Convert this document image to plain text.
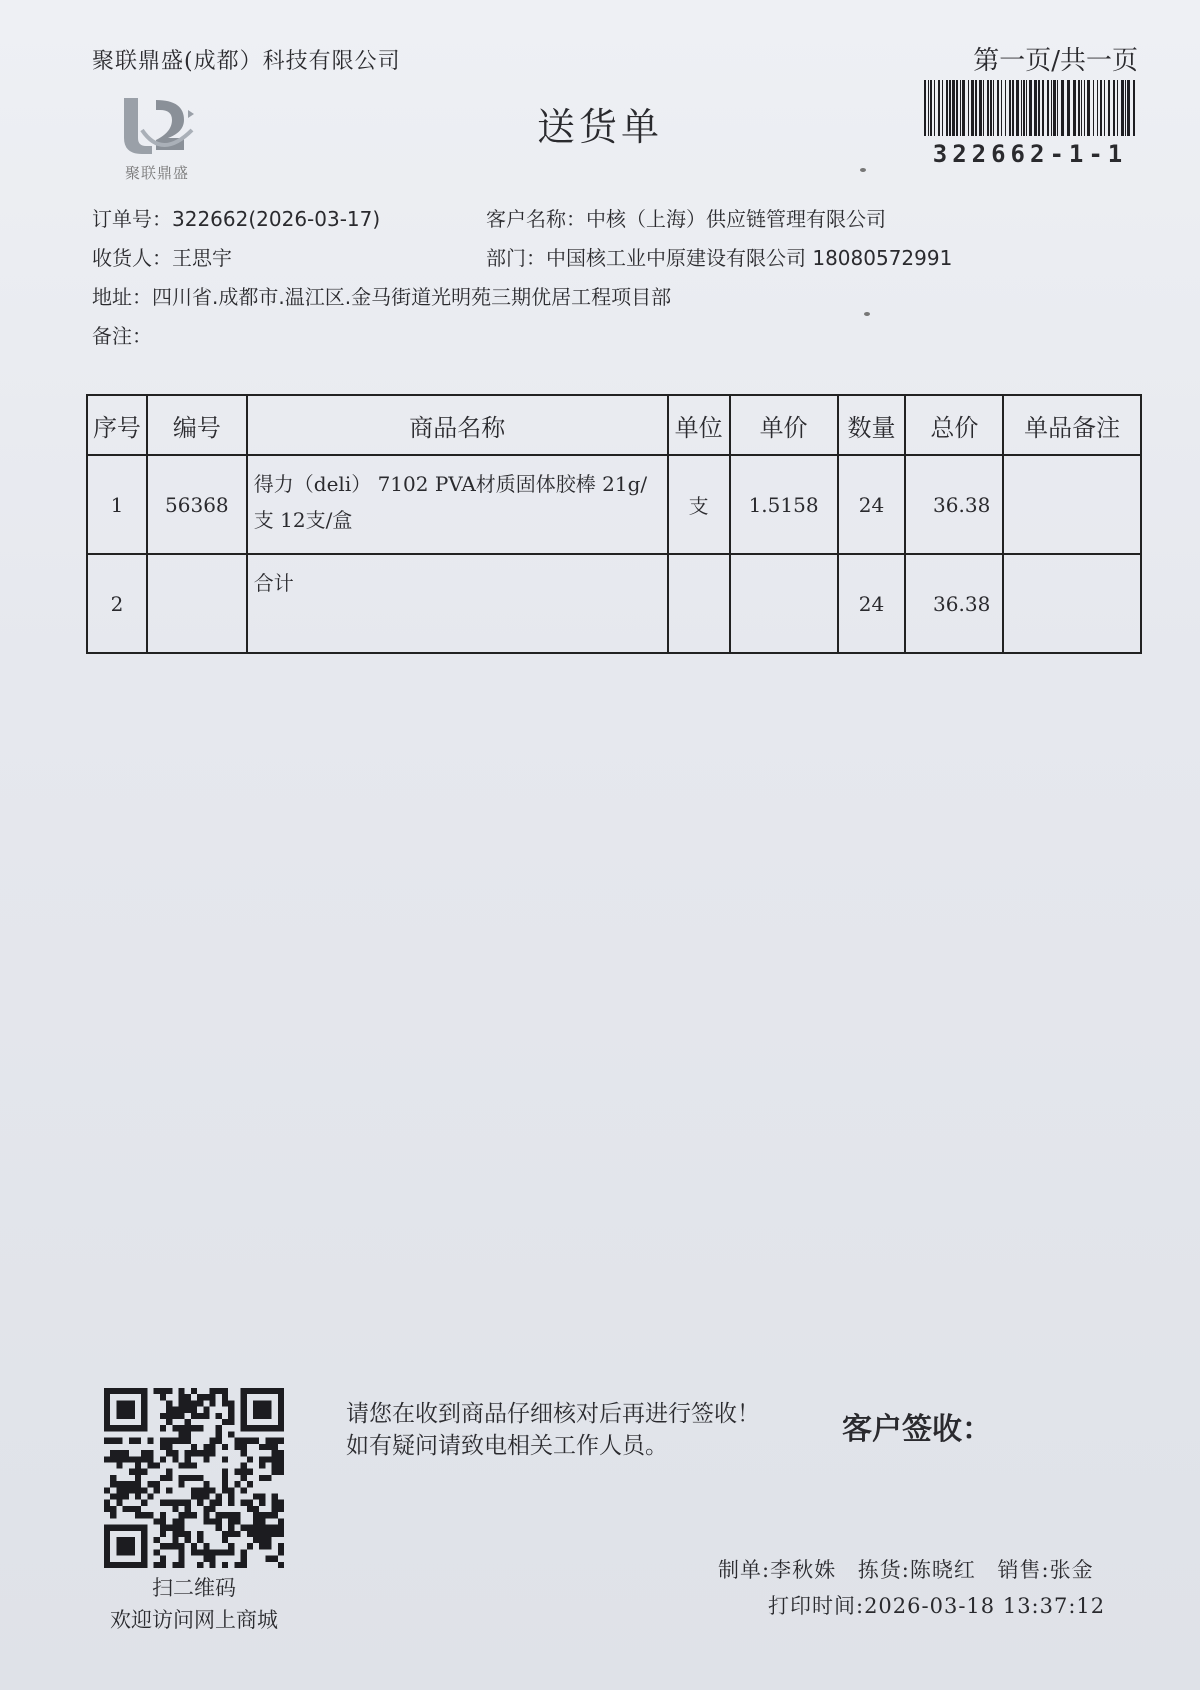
聚联鼎盛(成都）科技有限公司	第一页/共一页
聚联鼎盛
送货单
322662-1-1
订单号：322662(2026-03-17)
收货人：王思宇
地址：四川省.成都市.温江区.金马街道光明苑三期优居工程项目部
备注：
客户名称：中核（上海）供应链管理有限公司
部门：中国核工业中原建设有限公司 18080572991
序号	编号	商品名称	单位	单价	数量	总价	单品备注
1	56368	得力（deli） 7102 PVA材质固体胶棒 21g/
支 12支/盒	支	1.5158	24	36.38	
2		合计			24	36.38	
扫二维码
欢迎访问网上商城
请您在收到商品仔细核对后再进行签收！如有疑问请致电相关工作人员。	客户签收：
制单:李秋姝 拣货:陈晓红 销售:张金
打印时间:2026-03-18 13:37:12
